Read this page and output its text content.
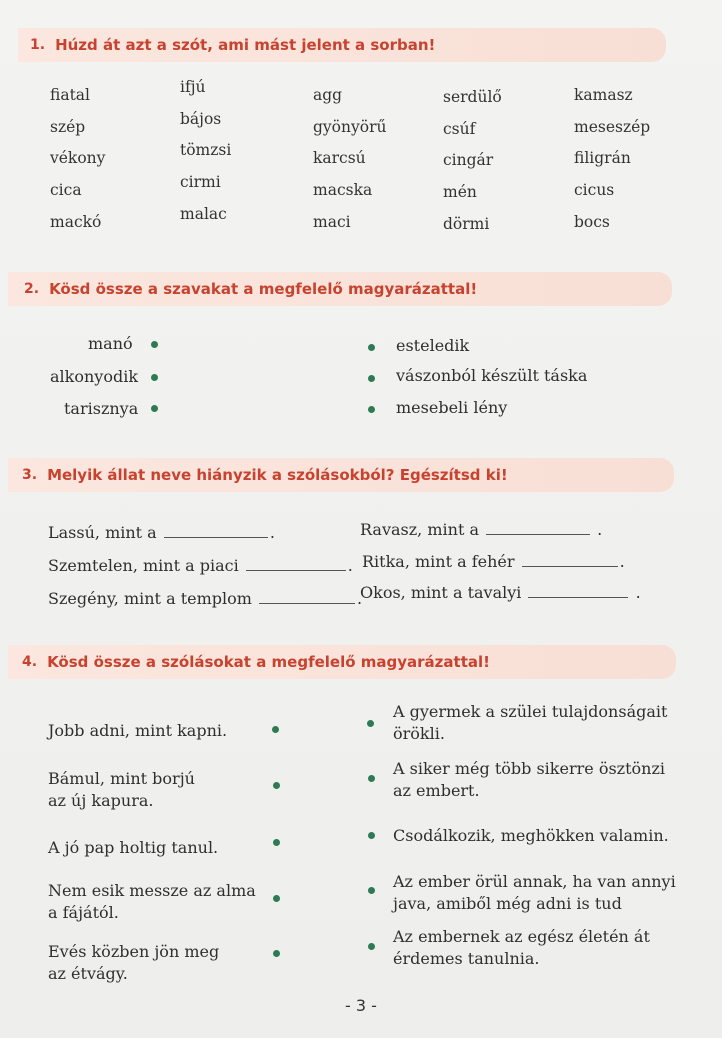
1. Húzd át azt a szót, ami mást jelent a sorban!
fiatal	ifjú	agg	serdülő	kamasz
szép	bájos	gyönyörű	csúf	meseszép
vékony	tömzsi	karcsú	cingár	filigrán
cica	cirmi	macska	mén	cicus
mackó	malac	maci	dörmi	bocs
2. Kösd össze a szavakat a megfelelő magyarázattal!
manó
alkonyodik
tarisznya
esteledik
vászonból készült táska
mesebeli lény
3. Melyik állat neve hiányzik a szólásokból? Egészítsd ki!
Lassú, mint a	.
Szemtelen, mint a piaci	.
Szegény, mint a templom	.
Ravasz, mint a	.
Ritka, mint a fehér	.
Okos, mint a tavalyi	.
4. Kösd össze a szólásokat a megfelelő magyarázattal!
Jobb adni, mint kapni.
Bámul, mint borjú
az új kapura.
A jó pap holtig tanul.
Nem esik messze az alma
a fájától.
Evés közben jön meg
az étvágy.
A gyermek a szülei tulajdonságait
örökli.
A siker még több sikerre ösztönzi
az embert.
Csodálkozik, meghökken valamin.
Az ember örül annak, ha van annyi
java, amiből még adni is tud
Az embernek az egész életén át
érdemes tanulnia.
- 3 -
